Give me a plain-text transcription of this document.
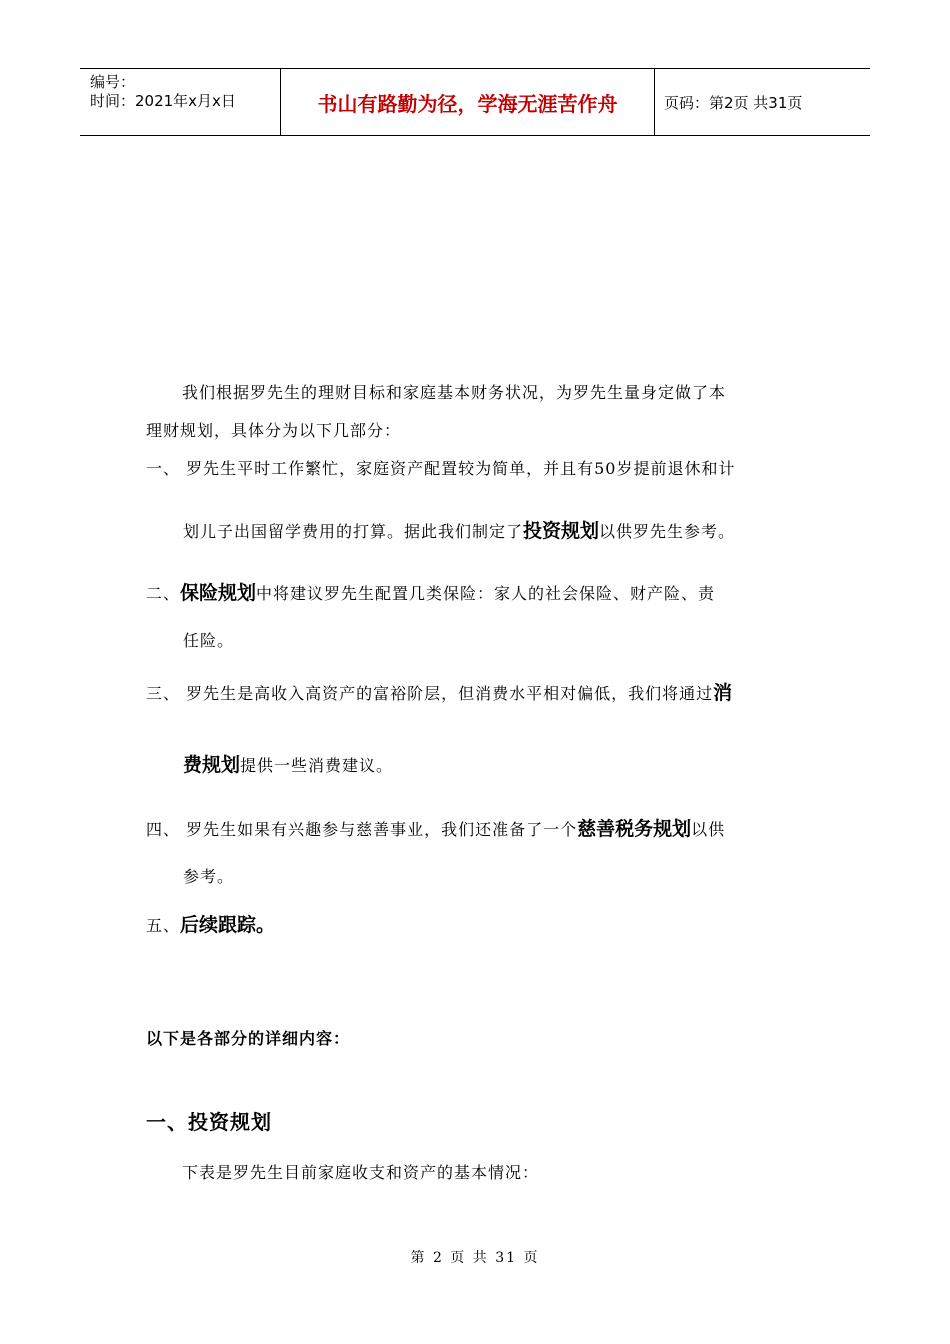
编号：
时间：2021年x月x日	书山有路勤为径，学海无涯苦作舟	页码：第2页 共31页
我们根据罗先生的理财目标和家庭基本财务状况，为罗先生量身定做了本
理财规划，具体分为以下几部分：
一、 罗先生平时工作繁忙，家庭资产配置较为简单，并且有50岁提前退休和计
划儿子出国留学费用的打算。据此我们制定了投资规划以供罗先生参考。
二、保险规划中将建议罗先生配置几类保险：家人的社会保险、财产险、责
任险。
三、 罗先生是高收入高资产的富裕阶层，但消费水平相对偏低，我们将通过消
费规划提供一些消费建议。
四、 罗先生如果有兴趣参与慈善事业，我们还准备了一个慈善税务规划以供
参考。
五、后续跟踪。
以下是各部分的详细内容：
一、投资规划
下表是罗先生目前家庭收支和资产的基本情况：
第 2 页 共 31 页
